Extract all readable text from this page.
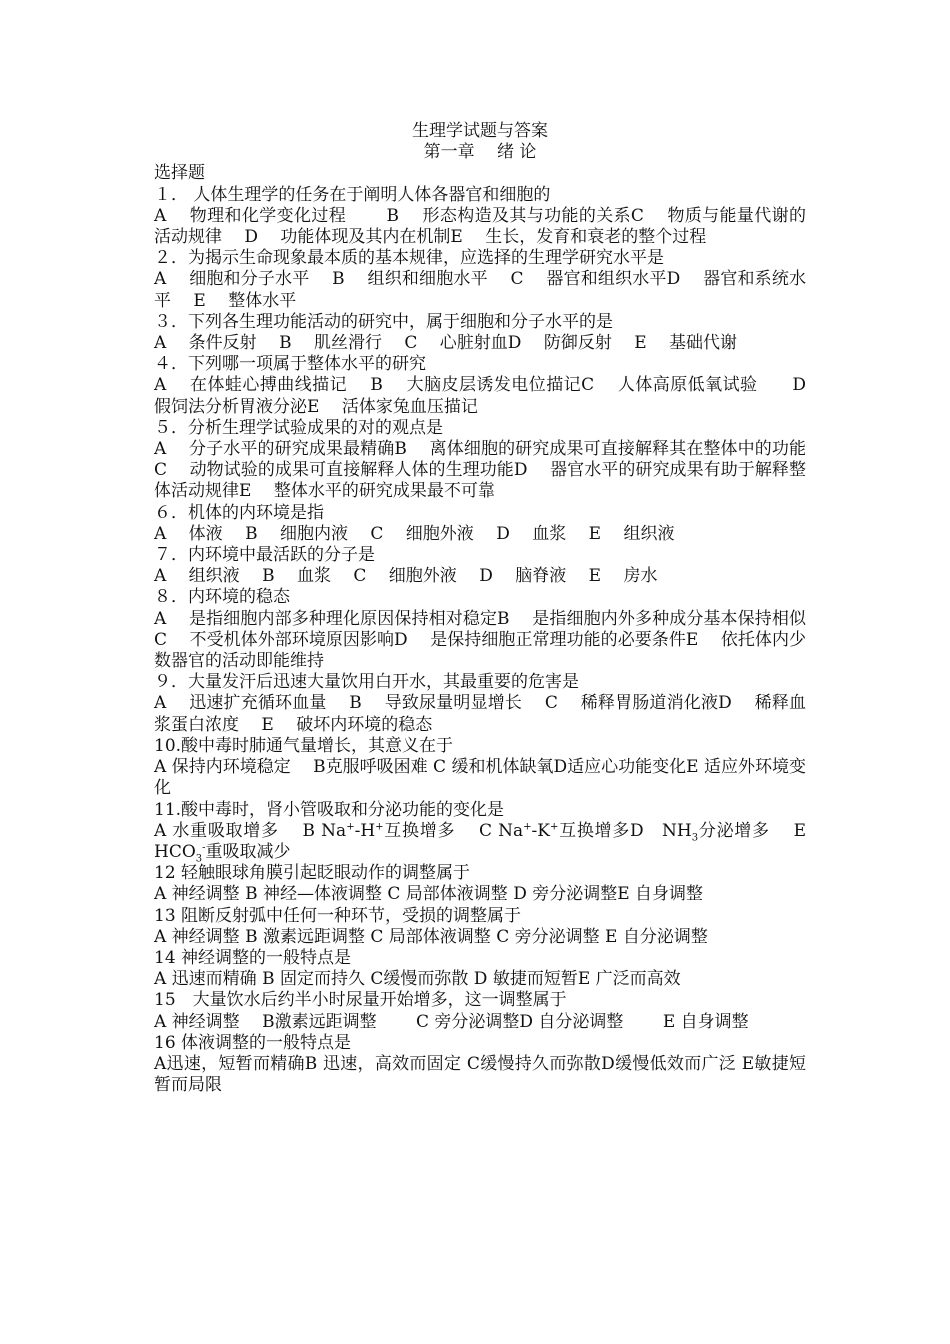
生理学试题与答案

第一章　 绪 论

选择题

１． 人体生理学的任务在于阐明人体各器官和细胞的

A　 物理和化学变化过程　　 B　 形态构造及其与功能的关系C　 物质与能量代谢的活动规律　 D　 功能体现及其内在机制E　 生长，发育和衰老的整个过程

２．为揭示生命现象最本质的基本规律，应选择的生理学研究水平是

A　 细胞和分子水平　 B　 组织和细胞水平　 C　 器官和组织水平D　 器官和系统水平　 E　 整体水平

３．下列各生理功能活动的研究中，属于细胞和分子水平的是

A　 条件反射　 B　 肌丝滑行　 C　 心脏射血D　 防御反射　 E　 基础代谢

４．下列哪一项属于整体水平的研究

A　 在体蛙心搏曲线描记　 B　 大脑皮层诱发电位描记C　 人体高原低氧试验　　D　 假饲法分析胃液分泌E　 活体家兔血压描记

５．分析生理学试验成果的对的观点是

A　 分子水平的研究成果最精确B　 离体细胞的研究成果可直接解释其在整体中的功能C　 动物试验的成果可直接解释人体的生理功能D　 器官水平的研究成果有助于解释整体活动规律E　 整体水平的研究成果最不可靠

６．机体的内环境是指

A　 体液　 B　 细胞内液　 C　 细胞外液　 D　 血浆　 E　 组织液

７．内环境中最活跃的分子是

A　 组织液　 B　 血浆　 C　 细胞外液　 D　 脑脊液　 E　 房水

８．内环境的稳态

A　 是指细胞内部多种理化原因保持相对稳定B　 是指细胞内外多种成分基本保持相似C　 不受机体外部环境原因影响D　 是保持细胞正常理功能的必要条件E　 依托体内少数器官的活动即能维持

９．大量发汗后迅速大量饮用白开水，其最重要的危害是

A　 迅速扩充循环血量　 B　 导致尿量明显增长　 C　 稀释胃肠道消化液D　 稀释血浆蛋白浓度　 E　 破坏内环境的稳态

10.酸中毒时肺通气量增长，其意义在于

A 保持内环境稳定　 B克服呼吸困难 C 缓和机体缺氧D适应心功能变化E 适应外环境变化

11.酸中毒时，肾小管吸取和分泌功能的变化是

A 水重吸取增多　 B Na+-H+互换增多　 C Na+-K+互换增多D　$NH_3$分泌增多　 E $HCO_3^-$重吸取减少

12 轻触眼球角膜引起眨眼动作的调整属于

A 神经调整 B 神经—体液调整 C 局部体液调整 D 旁分泌调整E 自身调整

13 阻断反射弧中任何一种环节，受损的调整属于

A 神经调整 B 激素远距调整 C 局部体液调整 C 旁分泌调整 E 自分泌调整

14 神经调整的一般特点是

A 迅速而精确 B 固定而持久 C缓慢而弥散 D 敏捷而短暂E 广泛而高效

15　大量饮水后约半小时尿量开始增多，这一调整属于

A 神经调整　 B激素远距调整　　 C 旁分泌调整D 自分泌调整　　 E 自身调整

16 体液调整的一般特点是

A迅速，短暂而精确B 迅速，高效而固定 C缓慢持久而弥散D缓慢低效而广泛 E敏捷短暂而局限
